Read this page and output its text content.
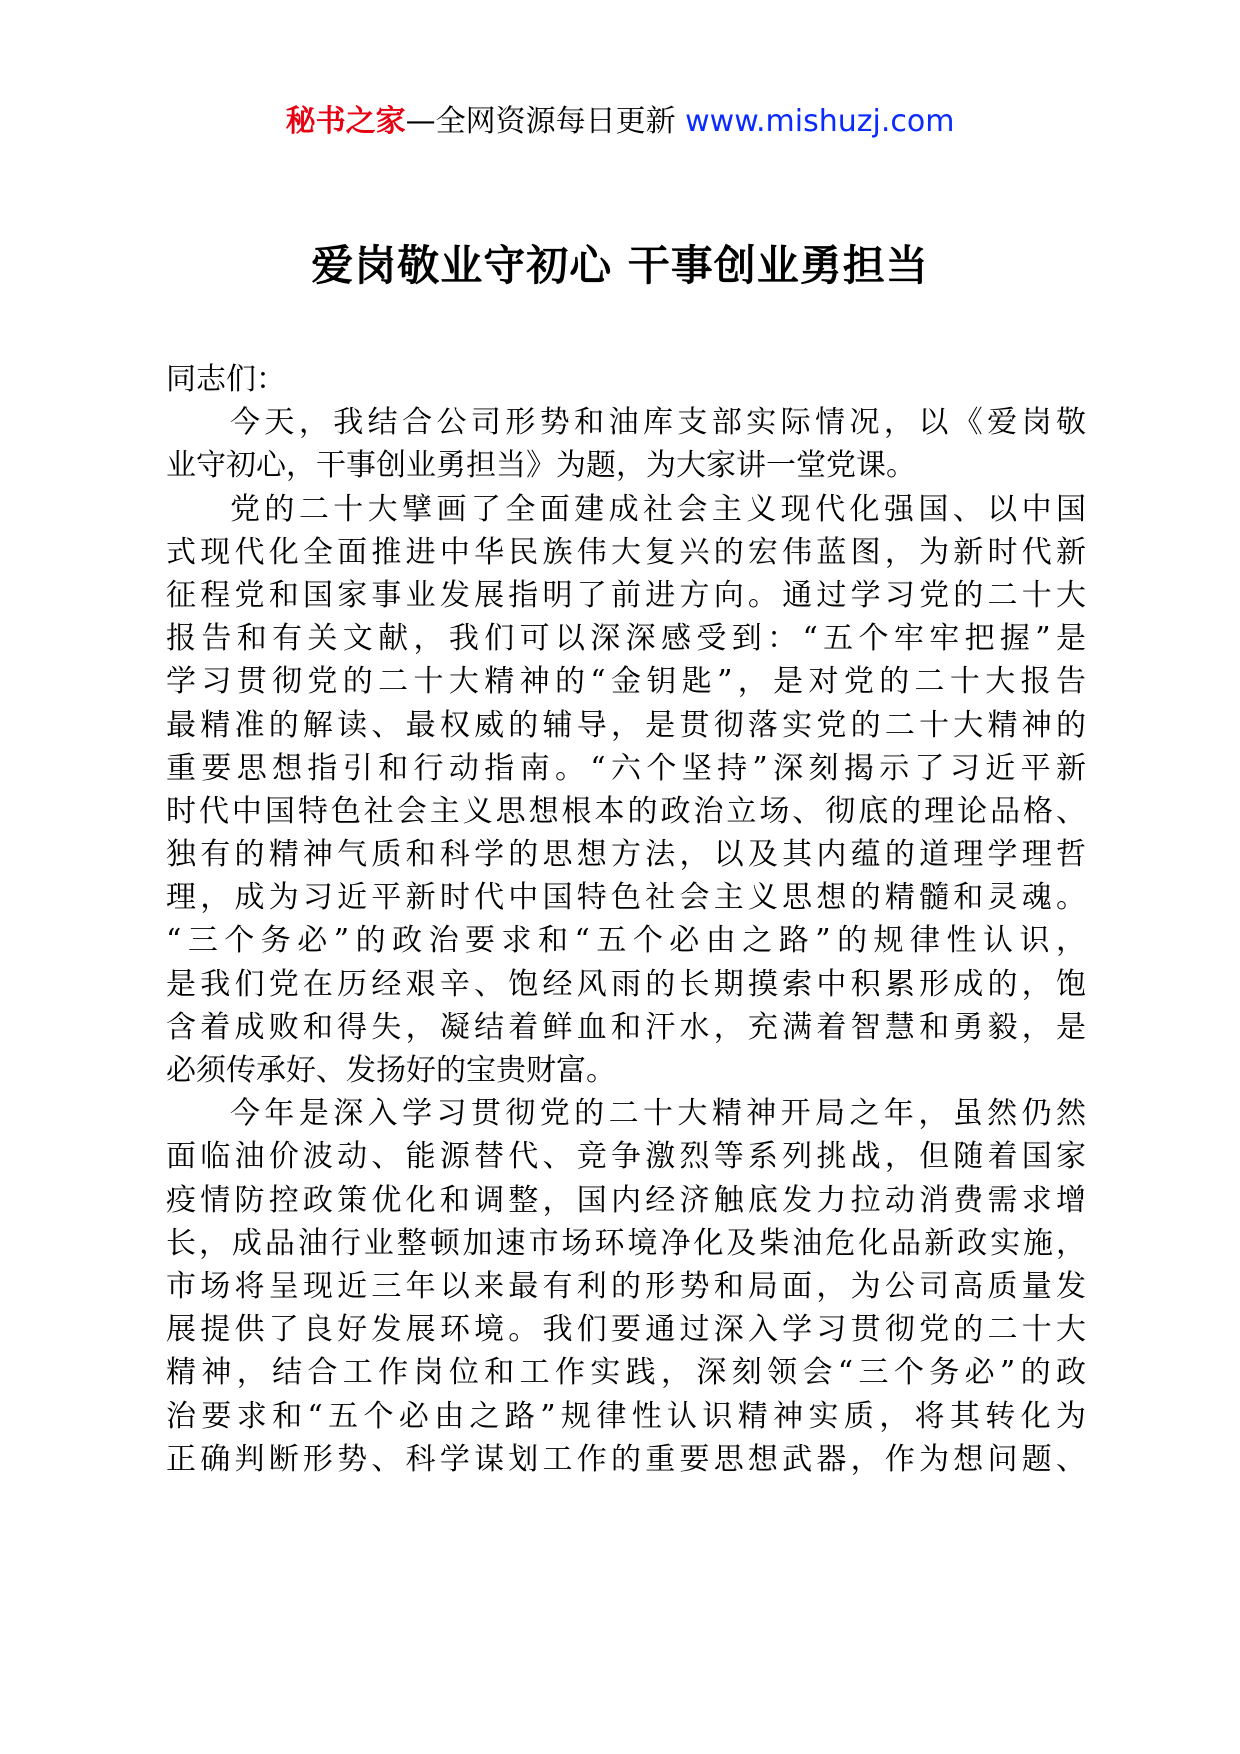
秘书之家—全网资源每日更新 www.mishuzj.com
爱岗敬业守初心 干事创业勇担当
同志们：
今天，我结合公司形势和油库支部实际情况，以《爱岗敬
业守初心，干事创业勇担当》为题，为大家讲一堂党课。
党的二十大擘画了全面建成社会主义现代化强国、以中国
式现代化全面推进中华民族伟大复兴的宏伟蓝图，为新时代新
征程党和国家事业发展指明了前进方向。通过学习党的二十大
报告和有关文献，我们可以深深感受到：“五个牢牢把握”是
学习贯彻党的二十大精神的“金钥匙”，是对党的二十大报告
最精准的解读、最权威的辅导，是贯彻落实党的二十大精神的
重要思想指引和行动指南。“六个坚持”深刻揭示了习近平新
时代中国特色社会主义思想根本的政治立场、彻底的理论品格、
独有的精神气质和科学的思想方法，以及其内蕴的道理学理哲
理，成为习近平新时代中国特色社会主义思想的精髓和灵魂。
“三个务必”的政治要求和“五个必由之路”的规律性认识，
是我们党在历经艰辛、饱经风雨的长期摸索中积累形成的，饱
含着成败和得失，凝结着鲜血和汗水，充满着智慧和勇毅，是
必须传承好、发扬好的宝贵财富。
今年是深入学习贯彻党的二十大精神开局之年，虽然仍然
面临油价波动、能源替代、竞争激烈等系列挑战，但随着国家
疫情防控政策优化和调整，国内经济触底发力拉动消费需求增
长，成品油行业整顿加速市场环境净化及柴油危化品新政实施，
市场将呈现近三年以来最有利的形势和局面，为公司高质量发
展提供了良好发展环境。我们要通过深入学习贯彻党的二十大
精神，结合工作岗位和工作实践，深刻领会“三个务必”的政
治要求和“五个必由之路”规律性认识精神实质，将其转化为
正确判断形势、科学谋划工作的重要思想武器，作为想问题、
